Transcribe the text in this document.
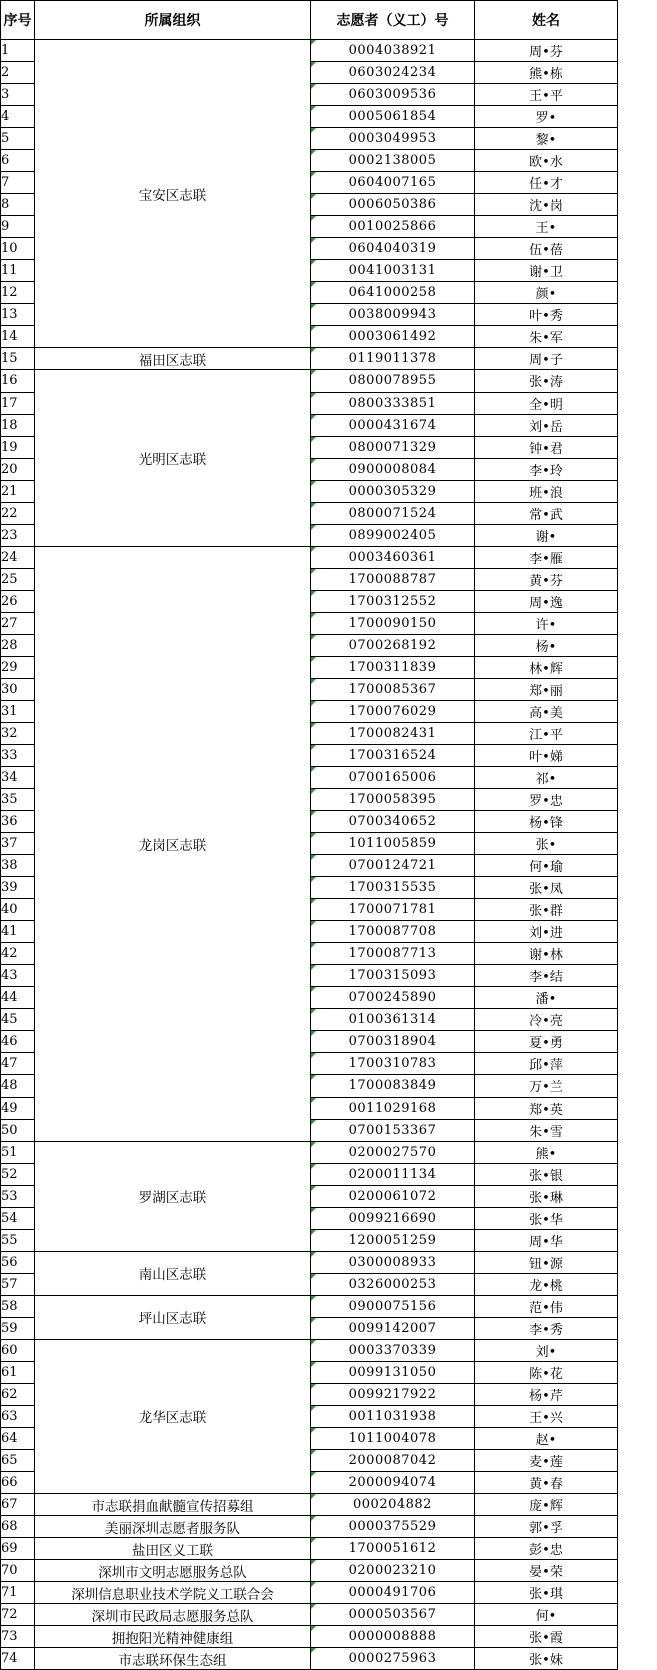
序号	所属组织	志愿者（义工）号	姓名
1	宝安区志联	0004038921	周•芬
2		0603024234	熊•栋
3		0603009536	王•平
4		0005061854	罗•
5		0003049953	黎•
6		0002138005	欧•水
7		0604007165	任•才
8		0006050386	沈•岗
9		0010025866	王•
10		0604040319	伍•蓓
11		0041003131	谢•卫
12		0641000258	颜•
13		0038009943	叶•秀
14		0003061492	朱•军
15	福田区志联	0119011378	周•子
16	光明区志联	0800078955	张•涛
17		0800333851	全•明
18		0000431674	刘•岳
19		0800071329	钟•君
20		0900008084	李•玲
21		0000305329	班•浪
22		0800071524	常•武
23		0899002405	谢•
24	龙岗区志联	0003460361	李•雁
25		1700088787	黄•芬
26		1700312552	周•逸
27		1700090150	许•
28		0700268192	杨•
29		1700311839	林•辉
30		1700085367	郑•丽
31		1700076029	高•美
32		1700082431	江•平
33		1700316524	叶•娣
34		0700165006	祁•
35		1700058395	罗•忠
36		0700340652	杨•锋
37		1011005859	张•
38		0700124721	何•瑜
39		1700315535	张•凤
40		1700071781	张•群
41		1700087708	刘•进
42		1700087713	谢•林
43		1700315093	李•结
44		0700245890	潘•
45		0100361314	冷•亮
46		0700318904	夏•勇
47		1700310783	邱•萍
48		1700083849	万•兰
49		0011029168	郑•英
50		0700153367	朱•雪
51	罗湖区志联	0200027570	熊•
52		0200011134	张•银
53		0200061072	张•琳
54		0099216690	张•华
55		1200051259	周•华
56	南山区志联	0300008933	钮•源
57		0326000253	龙•桃
58	坪山区志联	0900075156	范•伟
59		0099142007	李•秀
60	龙华区志联	0003370339	刘•
61		0099131050	陈•花
62		0099217922	杨•芹
63		0011031938	王•兴
64		1011004078	赵•
65		2000087042	麦•莲
66		2000094074	黄•春
67	市志联捐血献髓宣传招募组	000204882	庞•辉
68	美丽深圳志愿者服务队	0000375529	郭•孚
69	盐田区义工联	1700051612	彭•忠
70	深圳市文明志愿服务总队	0200023210	晏•荣
71	深圳信息职业技术学院义工联合会	0000491706	张•琪
72	深圳市民政局志愿服务总队	0000503567	何•
73	拥抱阳光精神健康组	0000008888	张•霞
74	市志联环保生态组	0000275963	张•妹
